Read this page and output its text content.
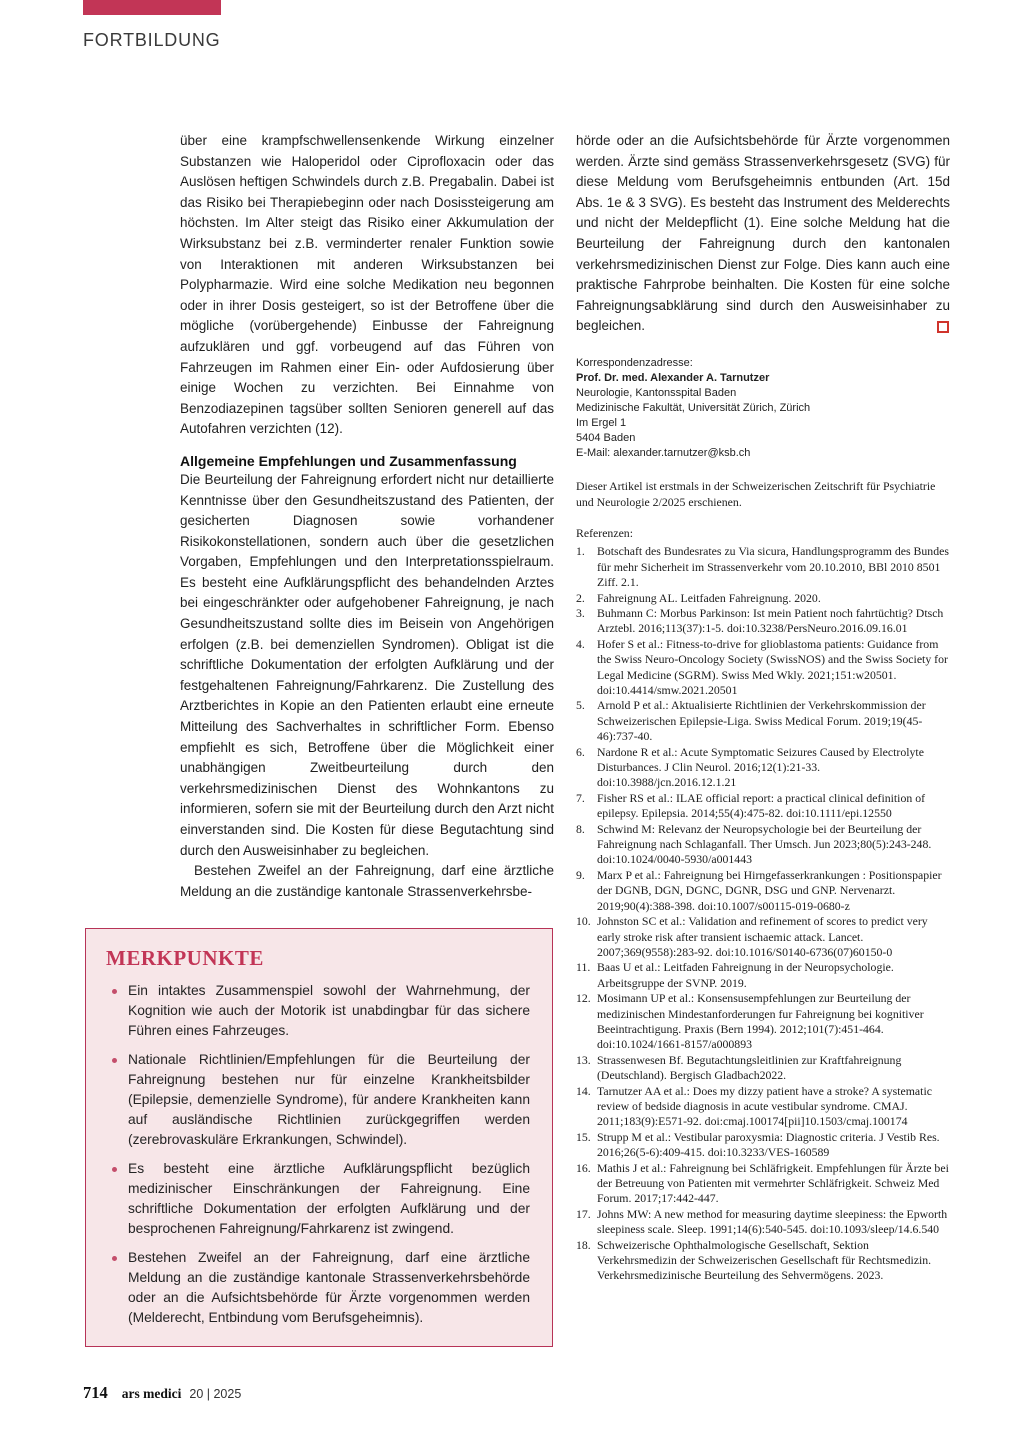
FORTBILDUNG

über eine krampfschwellensenkende Wirkung einzelner Substanzen wie Haloperidol oder Ciprofloxacin oder das Auslösen heftigen Schwindels durch z.B. Pregabalin. Dabei ist das Risiko bei Therapiebeginn oder nach Dosissteigerung am höchsten. Im Alter steigt das Risiko einer Akkumulation der Wirksubstanz bei z.B. verminderter renaler Funktion sowie von Interaktionen mit anderen Wirksubstanzen bei Polypharmazie. Wird eine solche Medikation neu begonnen oder in ihrer Dosis gesteigert, so ist der Betroffene über die mögliche (vorübergehende) Einbusse der Fahreignung aufzuklären und ggf. vorbeugend auf das Führen von Fahrzeugen im Rahmen einer Ein- oder Aufdosierung über einige Wochen zu verzichten. Bei Einnahme von Benzodiazepinen tagsüber sollten Senioren generell auf das Autofahren verzichten (12).

Allgemeine Empfehlungen und Zusammenfassung

Die Beurteilung der Fahreignung erfordert nicht nur detaillierte Kenntnisse über den Gesundheitszustand des Patienten, der gesicherten Diagnosen sowie vorhandener Risikokonstellationen, sondern auch über die gesetzlichen Vorgaben, Empfehlungen und den Interpretationsspielraum. Es besteht eine Aufklärungspflicht des behandelnden Arztes bei eingeschränkter oder aufgehobener Fahreignung, je nach Gesundheitszustand sollte dies im Beisein von Angehörigen erfolgen (z.B. bei demenziellen Syndromen). Obligat ist die schriftliche Dokumentation der erfolgten Aufklärung und der festgehaltenen Fahreignung/Fahrkarenz. Die Zustellung des Arztberichtes in Kopie an den Patienten erlaubt eine erneute Mitteilung des Sachverhaltes in schriftlicher Form. Ebenso empfiehlt es sich, Betroffene über die Möglichkeit einer unabhängigen Zweitbeurteilung durch den verkehrsmedizinischen Dienst des Wohnkantons zu informieren, sofern sie mit der Beurteilung durch den Arzt nicht einverstanden sind. Die Kosten für diese Begutachtung sind durch den Ausweisinhaber zu begleichen.

Bestehen Zweifel an der Fahreignung, darf eine ärztliche Meldung an die zuständige kantonale Strassenverkehrsbe-

MERKPUNKTE
Ein intaktes Zusammenspiel sowohl der Wahrnehmung, der Kognition wie auch der Motorik ist unabdingbar für das sichere Führen eines Fahrzeuges.
Nationale Richtlinien/Empfehlungen für die Beurteilung der Fahreignung bestehen nur für einzelne Krankheitsbilder (Epilepsie, demenzielle Syndrome), für andere Krankheiten kann auf ausländische Richtlinien zurückgegriffen werden (zerebrovaskuläre Erkrankungen, Schwindel).
Es besteht eine ärztliche Aufklärungspflicht bezüglich medizinischer Einschränkungen der Fahreignung. Eine schriftliche Dokumentation der erfolgten Aufklärung und der besprochenen Fahreignung/Fahrkarenz ist zwingend.
Bestehen Zweifel an der Fahreignung, darf eine ärztliche Meldung an die zuständige kantonale Strassenverkehrsbehörde oder an die Aufsichtsbehörde für Ärzte vorgenommen werden (Melderecht, Entbindung vom Berufsgeheimnis).

hörde oder an die Aufsichtsbehörde für Ärzte vorgenommen werden. Ärzte sind gemäss Strassenverkehrsgesetz (SVG) für diese Meldung vom Berufsgeheimnis entbunden (Art. 15d Abs. 1e & 3 SVG). Es besteht das Instrument des Melderechts und nicht der Meldepflicht (1). Eine solche Meldung hat die Beurteilung der Fahreignung durch den kantonalen verkehrsmedizinischen Dienst zur Folge. Dies kann auch eine praktische Fahrprobe beinhalten. Die Kosten für eine solche Fahreignungsabklärung sind durch den Ausweisinhaber zu begleichen.

Korrespondenzadresse:
Prof. Dr. med. Alexander A. Tarnutzer
Neurologie, Kantonsspital Baden
Medizinische Fakultät, Universität Zürich, Zürich
Im Ergel 1
5404 Baden
E-Mail: alexander.tarnutzer@ksb.ch

Dieser Artikel ist erstmals in der Schweizerischen Zeitschrift für Psychiatrie und Neurologie 2/2025 erschienen.

Referenzen:
Botschaft des Bundesrates zu Via sicura, Handlungsprogramm des Bundes für mehr Sicherheit im Strassenverkehr vom 20.10.2010, BBl 2010 8501 Ziff. 2.1.
Fahreignung AL. Leitfaden Fahreignung. 2020.
Buhmann C: Morbus Parkinson: Ist mein Patient noch fahrtüchtig? Dtsch Arztebl. 2016;113(37):1-5. doi:10.3238/PersNeuro.2016.09.16.01
Hofer S et al.: Fitness-to-drive for glioblastoma patients: Guidance from the Swiss Neuro-Oncology Society (SwissNOS) and the Swiss Society for Legal Medicine (SGRM). Swiss Med Wkly. 2021;151:w20501. doi:10.4414/smw.2021.20501
Arnold P et al.: Aktualisierte Richtlinien der Verkehrskommission der Schweizerischen Epilepsie-Liga. Swiss Medical Forum. 2019;19(45-46):737-40.
Nardone R et al.: Acute Symptomatic Seizures Caused by Electrolyte Disturbances. J Clin Neurol. 2016;12(1):21-33. doi:10.3988/jcn.2016.12.1.21
Fisher RS et al.: ILAE official report: a practical clinical definition of epilepsy. Epilepsia. 2014;55(4):475-82. doi:10.1111/epi.12550
Schwind M: Relevanz der Neuropsychologie bei der Beurteilung der Fahreignung nach Schlaganfall. Ther Umsch. Jun 2023;80(5):243-248. doi:10.1024/0040-5930/a001443
Marx P et al.: Fahreignung bei Hirngefasserkrankungen : Positionspapier der DGNB, DGN, DGNC, DGNR, DSG und GNP. Nervenarzt. 2019;90(4):388-398. doi:10.1007/s00115-019-0680-z
Johnston SC et al.: Validation and refinement of scores to predict very early stroke risk after transient ischaemic attack. Lancet. 2007;369(9558):283-92. doi:10.1016/S0140-6736(07)60150-0
Baas U et al.: Leitfaden Fahreignung in der Neuropsychologie. Arbeitsgruppe der SVNP. 2019.
Mosimann UP et al.: Konsensusempfehlungen zur Beurteilung der medizinischen Mindestanforderungen fur Fahreignung bei kognitiver Beeintrachtigung. Praxis (Bern 1994). 2012;101(7):451-464. doi:10.1024/1661-8157/a000893
Strassenwesen Bf. Begutachtungsleitlinien zur Kraftfahreignung (Deutschland). Bergisch Gladbach2022.
Tarnutzer AA et al.: Does my dizzy patient have a stroke? A systematic review of bedside diagnosis in acute vestibular syndrome. CMAJ. 2011;183(9):E571-92. doi:cmaj.100174[pii]10.1503/cmaj.100174
Strupp M et al.: Vestibular paroxysmia: Diagnostic criteria. J Vestib Res. 2016;26(5-6):409-415. doi:10.3233/VES-160589
Mathis J et al.: Fahreignung bei Schläfrigkeit. Empfehlungen für Ärzte bei der Betreuung von Patienten mit vermehrter Schläfrigkeit. Schweiz Med Forum. 2017;17:442-447.
Johns MW: A new method for measuring daytime sleepiness: the Epworth sleepiness scale. Sleep. 1991;14(6):540-545. doi:10.1093/sleep/14.6.540
Schweizerische Ophthalmologische Gesellschaft, Sektion Verkehrsmedizin der Schweizerischen Gesellschaft für Rechtsmedizin. Verkehrsmedizinische Beurteilung des Sehvermögens. 2023.
714 ars medici 20 | 2025
